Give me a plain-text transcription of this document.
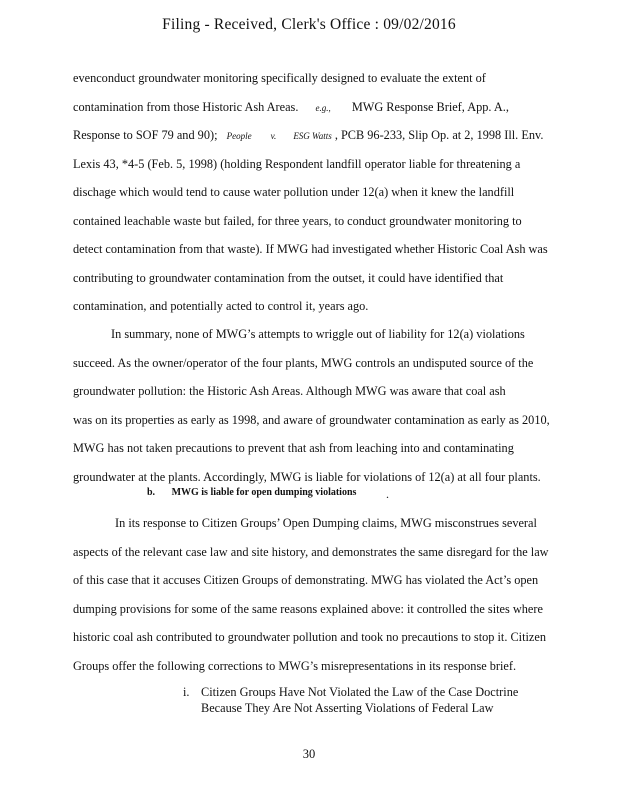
Filing - Received, Clerk's Office : 09/02/2016
evenconduct groundwater monitoring specifically designed to evaluate the extent of
contamination from those Historic Ash Areas. e.g., MWG Response Brief, App. A.,
Response to SOF 79 and 90); People v. ESG Watts , PCB 96-233, Slip Op. at 2, 1998 Ill. Env.
Lexis 43, *4-5 (Feb. 5, 1998) (holding Respondent landfill operator liable for threatening a
dischage which would tend to cause water pollution under 12(a) when it knew the landfill
contained leachable waste but failed, for three years, to conduct groundwater monitoring to
detect contamination from that waste). If MWG had investigated whether Historic Coal Ash was
contributing to groundwater contamination from the outset, it could have identified that
contamination, and potentially acted to control it, years ago.
In summary, none of MWG’s attempts to wriggle out of liability for 12(a) violations
succeed. As the owner/operator of the four plants, MWG controls an undisputed source of the
groundwater pollution: the Historic Ash Areas. Although MWG was aware that coal ash
was on its properties as early as 1998, and aware of groundwater contamination as early as 2010,
MWG has not taken precautions to prevent that ash from leaching into and contaminating
groundwater at the plants. Accordingly, MWG is liable for violations of 12(a) at all four plants.
b. MWG is liable for open dumping violations .
In its response to Citizen Groups’ Open Dumping claims, MWG misconstrues several
aspects of the relevant case law and site history, and demonstrates the same disregard for the law
of this case that it accuses Citizen Groups of demonstrating. MWG has violated the Act’s open
dumping provisions for some of the same reasons explained above: it controlled the sites where
historic coal ash contributed to groundwater pollution and took no precautions to stop it. Citizen
Groups offer the following corrections to MWG’s misrepresentations in its response brief.
i. Citizen Groups Have Not Violated the Law of the Case Doctrine
Because They Are Not Asserting Violations of Federal Law
30
